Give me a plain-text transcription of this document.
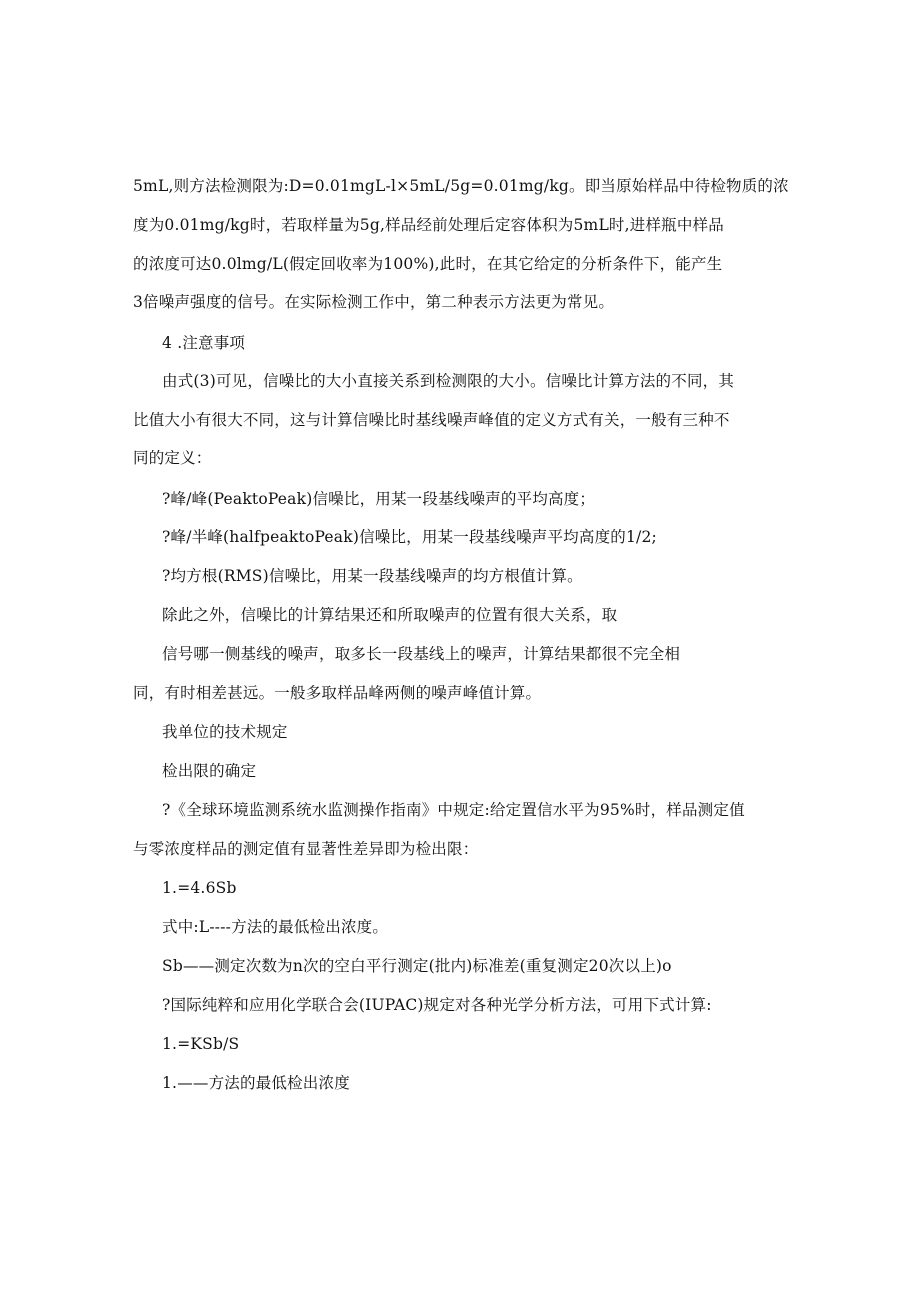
5mL,则方法检测限为:D=0.01mgL-l×5mL/5g=0.01mg/kg。即当原始样品中待检物质的浓
度为0.01mg/kg时，若取样量为5g,样品经前处理后定容体积为5mL时,进样瓶中样品
的浓度可达0.0lmg/L(假定回收率为100%),此时，在其它给定的分析条件下，能产生
3倍噪声强度的信号。在实际检测工作中，第二种表示方法更为常见。
4 .注意事项
由式(3)可见，信噪比的大小直接关系到检测限的大小。信噪比计算方法的不同，其
比值大小有很大不同，这与计算信噪比时基线噪声峰值的定义方式有关，一般有三种不
同的定义：
?峰/峰(PeaktoPeak)信噪比，用某一段基线噪声的平均高度；
?峰/半峰(halfpeaktoPeak)信噪比，用某一段基线噪声平均高度的1/2;
?均方根(RMS)信噪比，用某一段基线噪声的均方根值计算。
除此之外，信噪比的计算结果还和所取噪声的位置有很大关系，取
信号哪一侧基线的噪声，取多长一段基线上的噪声，计算结果都很不完全相
同，有时相差甚远。一般多取样品峰两侧的噪声峰值计算。
我单位的技术规定
检出限的确定
?《全球环境监测系统水监测操作指南》中规定:给定置信水平为95%时，样品测定值
与零浓度样品的测定值有显著性差异即为检出限：
1.=4.6Sb
式中:L----方法的最低检出浓度。
Sb——测定次数为n次的空白平行测定(批内)标准差(重复测定20次以上)o
?国际纯粹和应用化学联合会(IUPAC)规定对各种光学分析方法，可用下式计算:
1.=KSb/S
1.——方法的最低检出浓度
